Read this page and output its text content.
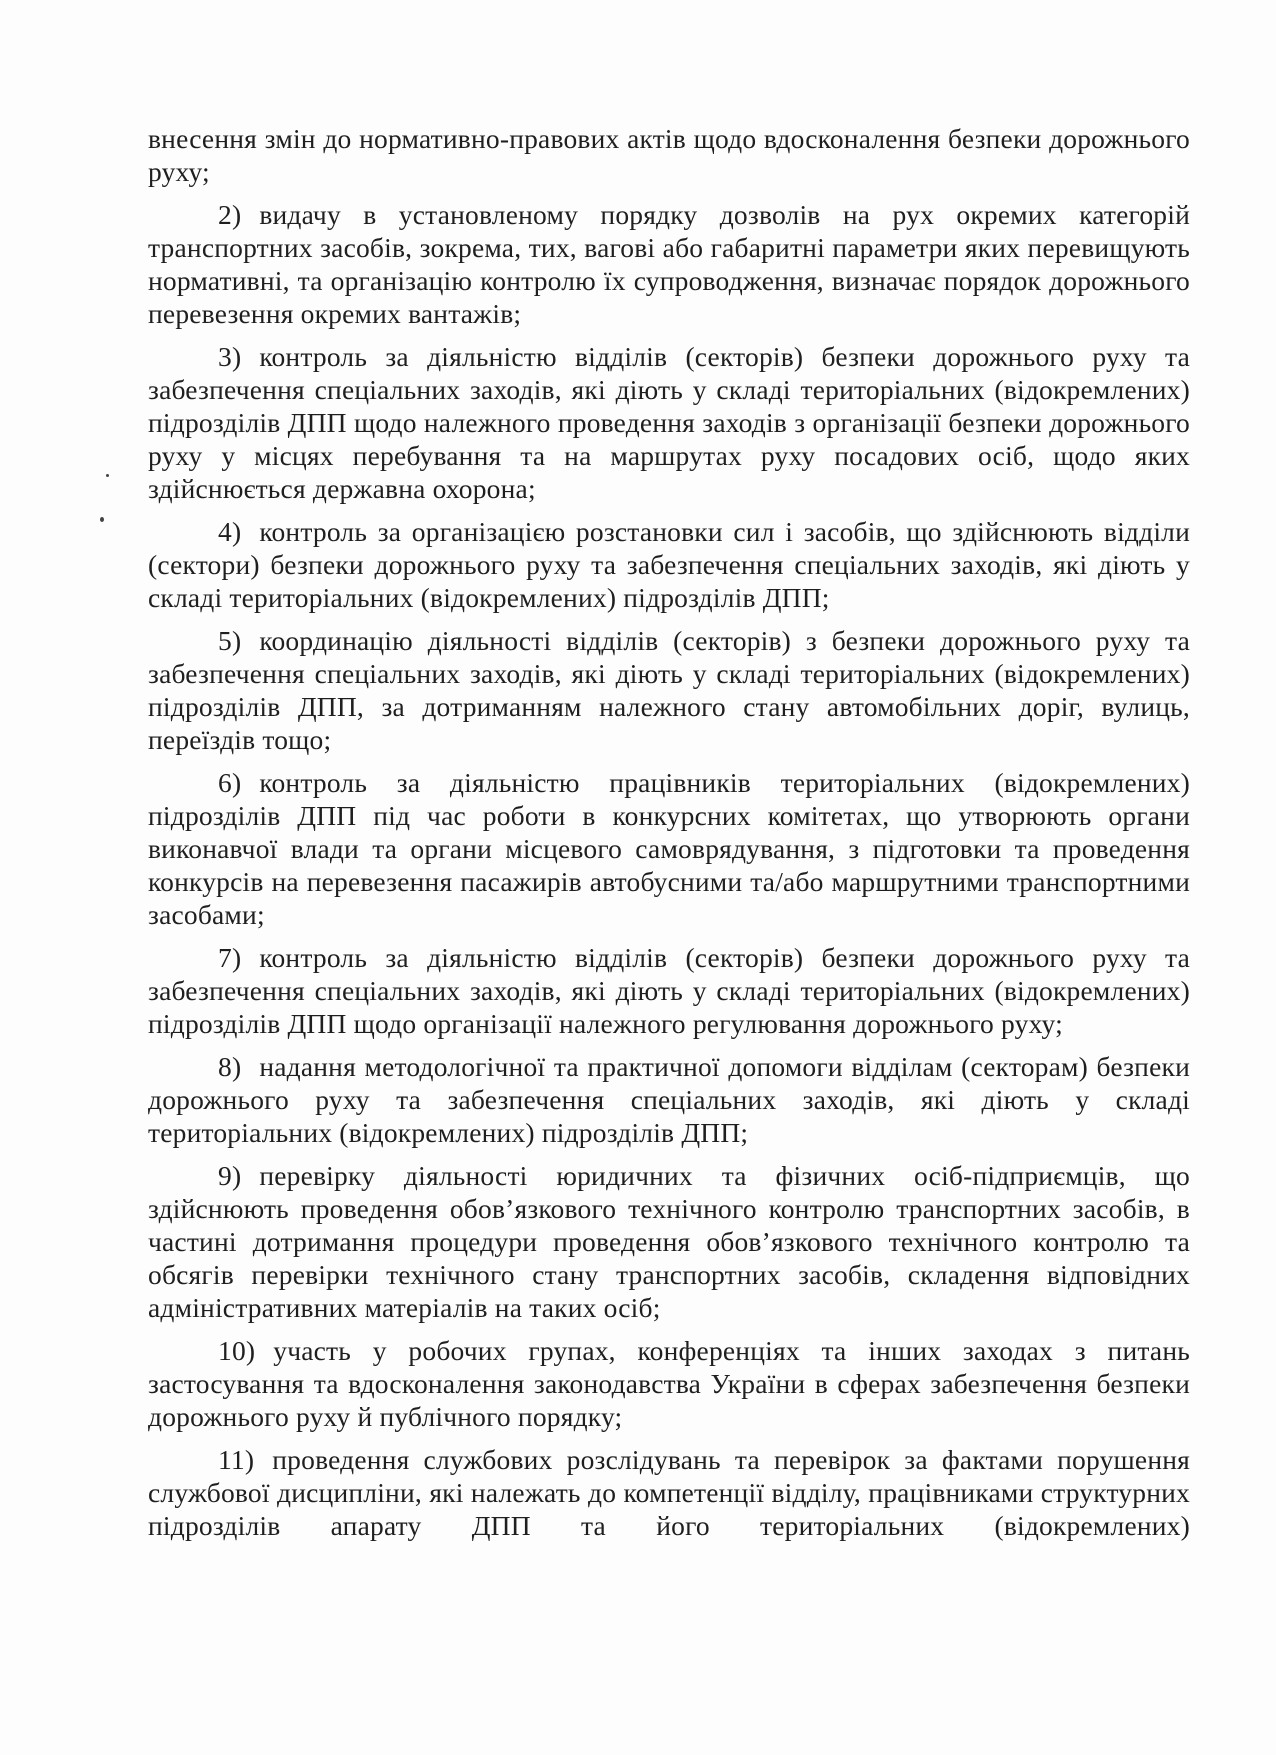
внесення змін до нормативно-правових актів щодо вдосконалення безпеки дорожнього руху;

2) видачу в установленому порядку дозволів на рух окремих категорій транспортних засобів, зокрема, тих, вагові або габаритні параметри яких перевищують нормативні, та організацію контролю їх супроводження, визначає порядок дорожнього перевезення окремих вантажів;

3) контроль за діяльністю відділів (секторів) безпеки дорожнього руху та забезпечення спеціальних заходів, які діють у складі територіальних (відокремлених) підрозділів ДПП щодо належного проведення заходів з організації безпеки дорожнього руху у місцях перебування та на маршрутах руху посадових осіб, щодо яких здійснюється державна охорона;

4) контроль за організацією розстановки сил і засобів, що здійснюють відділи (сектори) безпеки дорожнього руху та забезпечення спеціальних заходів, які діють у складі територіальних (відокремлених) підрозділів ДПП;

5) координацію діяльності відділів (секторів) з безпеки дорожнього руху та забезпечення спеціальних заходів, які діють у складі територіальних (відокремлених) підрозділів ДПП, за дотриманням належного стану автомобільних доріг, вулиць, переїздів тощо;

6) контроль за діяльністю працівників територіальних (відокремлених) підрозділів ДПП під час роботи в конкурсних комітетах, що утворюють органи виконавчої влади та органи місцевого самоврядування, з підготовки та проведення конкурсів на перевезення пасажирів автобусними та/або маршрутними транспортними засобами;

7) контроль за діяльністю відділів (секторів) безпеки дорожнього руху та забезпечення спеціальних заходів, які діють у складі територіальних (відокремлених) підрозділів ДПП щодо організації належного регулювання дорожнього руху;

8) надання методологічної та практичної допомоги відділам (секторам) безпеки дорожнього руху та забезпечення спеціальних заходів, які діють у складі територіальних (відокремлених) підрозділів ДПП;

9) перевірку діяльності юридичних та фізичних осіб-підприємців, що здійснюють проведення обов’язкового технічного контролю транспортних засобів, в частині дотримання процедури проведення обов’язкового технічного контролю та обсягів перевірки технічного стану транспортних засобів, складення відповідних адміністративних матеріалів на таких осіб;

10) участь у робочих групах, конференціях та інших заходах з питань застосування та вдосконалення законодавства України в сферах забезпечення безпеки дорожнього руху й публічного порядку;

11) проведення службових розслідувань та перевірок за фактами порушення службової дисципліни, які належать до компетенції відділу, працівниками структурних підрозділів апарату ДПП та його територіальних (відокремлених)
